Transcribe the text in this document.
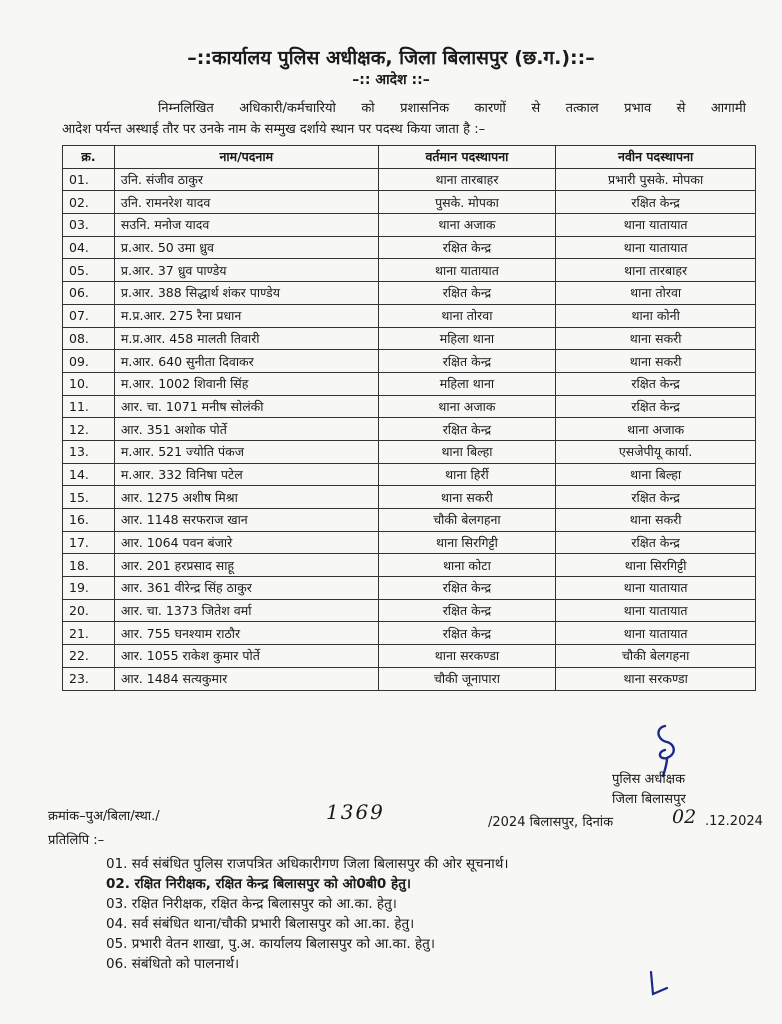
–::कार्यालय पुलिस अधीक्षक, जिला बिलासपुर (छ.ग.)::–
–:: आदेश ::–
निम्नलिखित अधिकारी/कर्मचारियो को प्रशासनिक कारणों से तत्काल प्रभाव से आगामी
आदेश पर्यन्त अस्थाई तौर पर उनके नाम के सम्मुख दर्शाये स्थान पर पदस्थ किया जाता है :–
क्र.	नाम/पदनाम	वर्तमान पदस्थापना	नवीन पदस्थापना
01.	उनि. संजीव ठाकुर	थाना तारबाहर	प्रभारी पुसके. मोपका
02.	उनि. रामनरेश यादव	पुसके. मोपका	रक्षित केन्द्र
03.	सउनि. मनोज यादव	थाना अजाक	थाना यातायात
04.	प्र.आर. 50 उमा ध्रुव	रक्षित केन्द्र	थाना यातायात
05.	प्र.आर. 37 ध्रुव पाण्डेय	थाना यातायात	थाना तारबाहर
06.	प्र.आर. 388 सिद्धार्थ शंकर पाण्डेय	रक्षित केन्द्र	थाना तोरवा
07.	म.प्र.आर. 275 रैना प्रधान	थाना तोरवा	थाना कोनी
08.	म.प्र.आर. 458 मालती तिवारी	महिला थाना	थाना सकरी
09.	म.आर. 640 सुनीता दिवाकर	रक्षित केन्द्र	थाना सकरी
10.	म.आर. 1002 शिवानी सिंह	महिला थाना	रक्षित केन्द्र
11.	आर. चा. 1071 मनीष सोलंकी	थाना अजाक	रक्षित केन्द्र
12.	आर. 351 अशोक पोर्ते	रक्षित केन्द्र	थाना अजाक
13.	म.आर. 521 ज्योति पंकज	थाना बिल्हा	एसजेपीयू कार्या.
14.	म.आर. 332 विनिषा पटेल	थाना हिर्री	थाना बिल्हा
15.	आर. 1275 अशीष मिश्रा	थाना सकरी	रक्षित केन्द्र
16.	आर. 1148 सरफराज खान	चौकी बेलगहना	थाना सकरी
17.	आर. 1064 पवन बंजारे	थाना सिरगिट्टी	रक्षित केन्द्र
18.	आर. 201 हरप्रसाद साहू	थाना कोटा	थाना सिरगिट्टी
19.	आर. 361 वीरेन्द्र सिंह ठाकुर	रक्षित केन्द्र	थाना यातायात
20.	आर. चा. 1373 जितेश वर्मा	रक्षित केन्द्र	थाना यातायात
21.	आर. 755 घनश्याम राठौर	रक्षित केन्द्र	थाना यातायात
22.	आर. 1055 राकेश कुमार पोर्ते	थाना सरकण्डा	चौकी बेलगहना
23.	आर. 1484 सत्यकुमार	चौकी जूनापारा	थाना सरकण्डा
पुलिस अधीक्षक
जिला बिलासपुर
क्रमांक–पुअ/बिला/स्था./	1369	/2024 बिलासपुर, दिनांक	02 .12.2024
प्रतिलिपि :–
01. सर्व संबंधित पुलिस राजपत्रित अधिकारीगण जिला बिलासपुर की ओर सूचनार्थ।
02. रक्षित निरीक्षक, रक्षित केन्द्र बिलासपुर को ओ0बी0 हेतु।
03. रक्षित निरीक्षक, रक्षित केन्द्र बिलासपुर को आ.का. हेतु।
04. सर्व संबंधित थाना/चौकी प्रभारी बिलासपुर को आ.का. हेतु।
05. प्रभारी वेतन शाखा, पु.अ. कार्यालय बिलासपुर को आ.का. हेतु।
06. संबंधितो को पालनार्थ।
